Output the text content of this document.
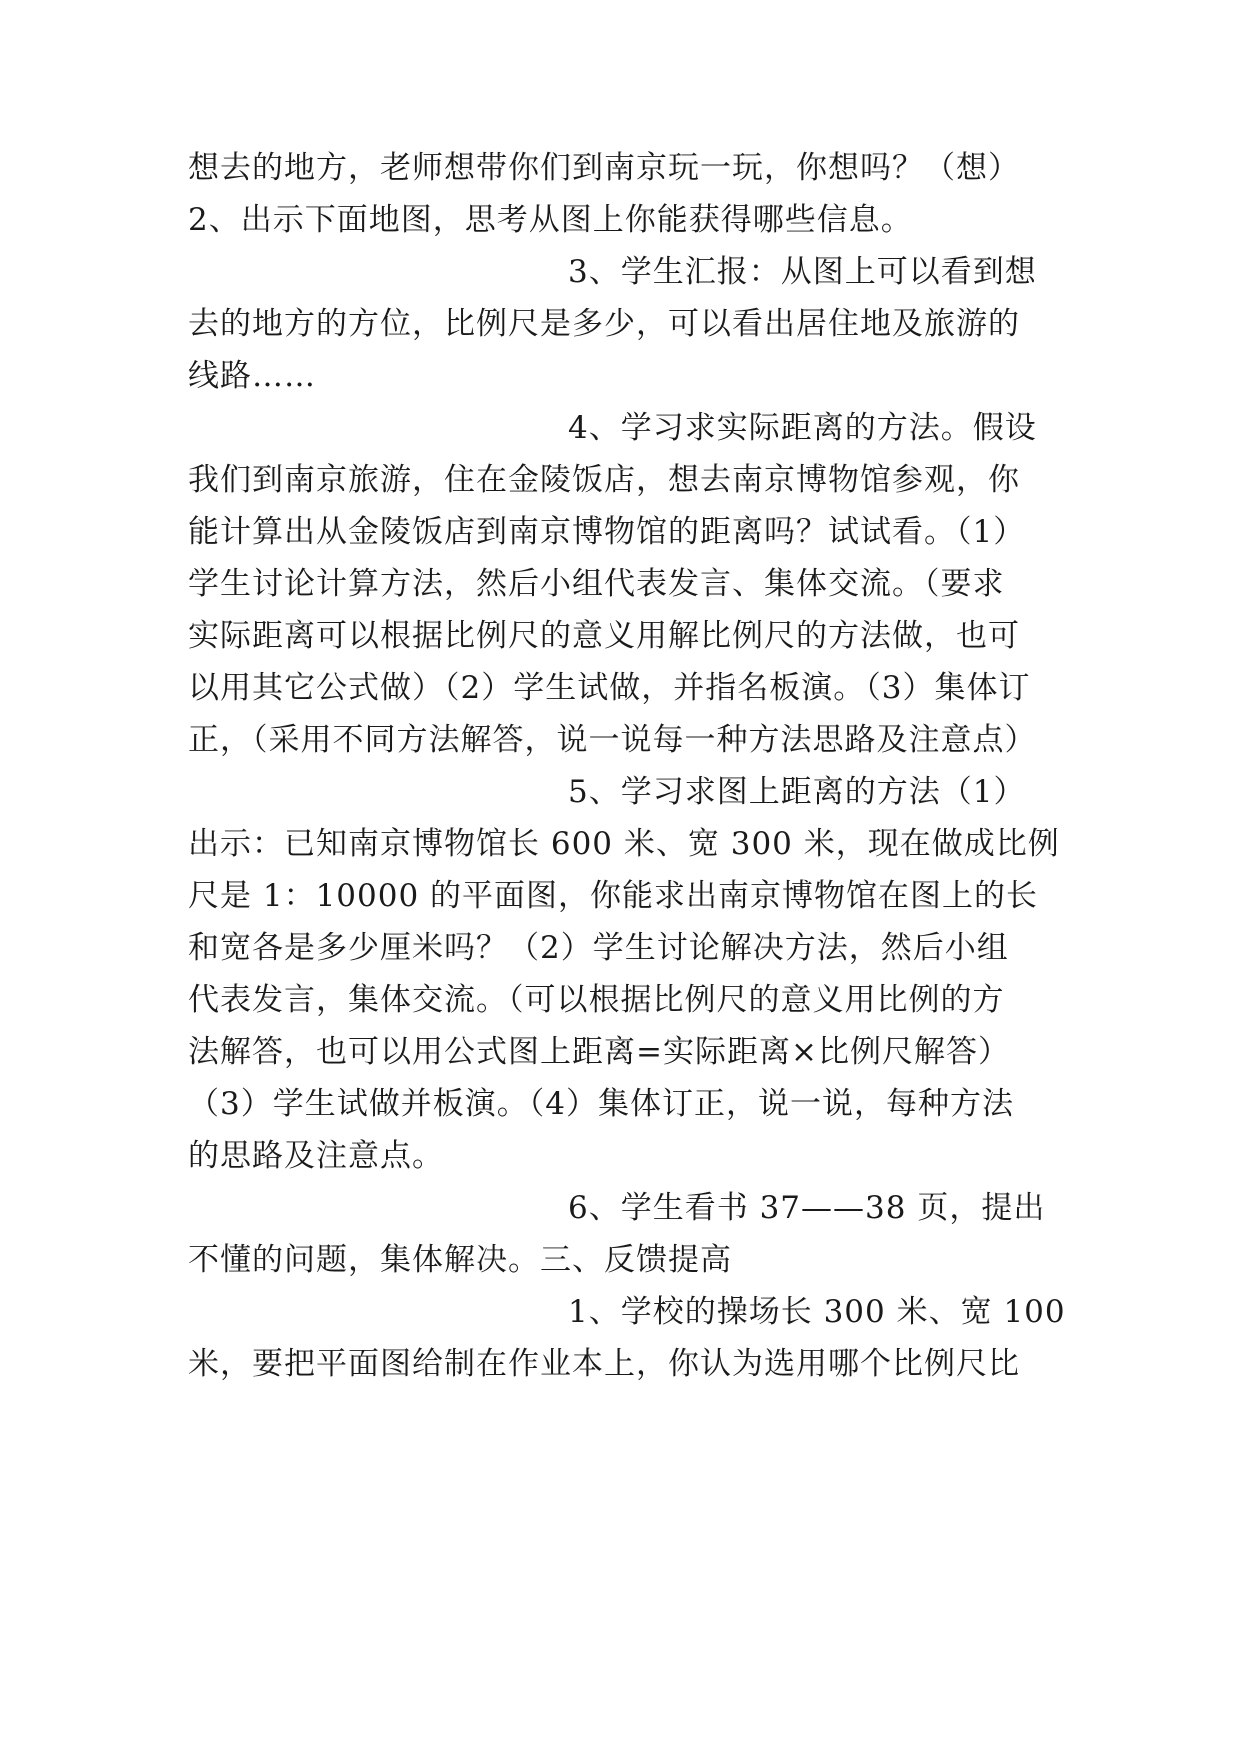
想去的地方，老师想带你们到南京玩一玩，你想吗？（想）
2、出示下面地图，思考从图上你能获得哪些信息。
3、学生汇报：从图上可以看到想
去的地方的方位，比例尺是多少，可以看出居住地及旅游的
线路……
4、学习求实际距离的方法。假设
我们到南京旅游，住在金陵饭店，想去南京博物馆参观，你
能计算出从金陵饭店到南京博物馆的距离吗？试试看。（1）
学生讨论计算方法，然后小组代表发言、集体交流。（要求
实际距离可以根据比例尺的意义用解比例尺的方法做，也可
以用其它公式做）（2）学生试做，并指名板演。（3）集体订
正，（采用不同方法解答，说一说每一种方法思路及注意点）
5、学习求图上距离的方法（1）
出示：已知南京博物馆长 600 米、宽 300 米，现在做成比例
尺是 1：10000 的平面图，你能求出南京博物馆在图上的长
和宽各是多少厘米吗？（2）学生讨论解决方法，然后小组
代表发言，集体交流。（可以根据比例尺的意义用比例的方
法解答，也可以用公式图上距离=实际距离×比例尺解答）
（3）学生试做并板演。（4）集体订正，说一说，每种方法
的思路及注意点。
6、学生看书 37——38 页，提出
不懂的问题，集体解决。三、反馈提高
1、学校的操场长 300 米、宽 100
米，要把平面图给制在作业本上，你认为选用哪个比例尺比
